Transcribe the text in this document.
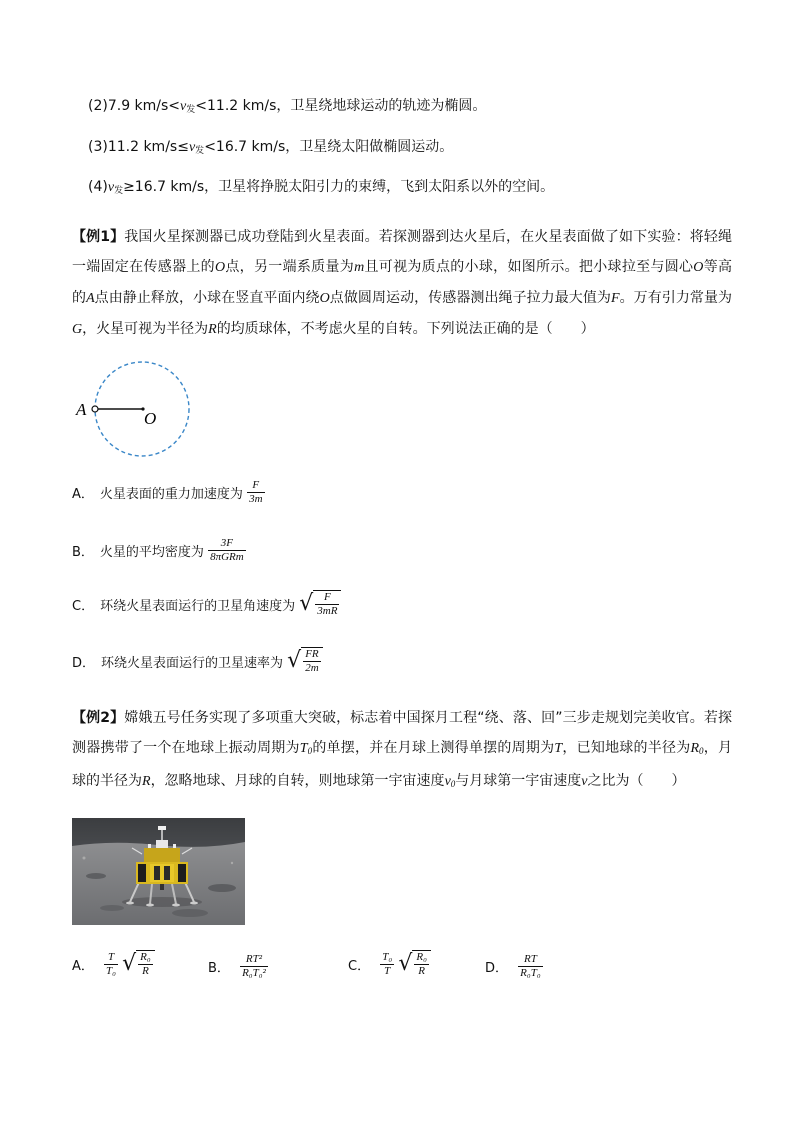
(2)7.9 $km/s<v_发<11.2$ km/s，卫星绕地球运动的轨迹为椭圆。
(3)11.2 $km/s\le v_发<16.7$ km/s，卫星绕太阳做椭圆运动。
$(4)v_发\ge 16.7$ km/s，卫星将挣脱太阳引力的束缚，飞到太阳系以外的空间。
【例1】我国火星探测器已成功登陆到火星表面。若探测器到达火星后，在火星表面做了如下实验：将轻绳一端固定在传感器上的O点，另一端系质量为m且可视为质点的小球，如图所示。把小球拉至与圆心O等高的A点由静止释放，小球在竖直平面内绕O点做圆周运动，传感器测出绳子拉力最大值为F。万有引力常量为G，火星可视为半径为R的均质球体，不考虑火星的自转。下列说法正确的是（　　）
A	O
A． 火星表面的重力加速度为 $\frac{F}{3m}$
B． 火星的平均密度为 $\frac{3F}{\text{8πGRm}}$
C． 环绕火星表面运行的卫星角速度为 √ $\frac{F}{3mR}$
D． 环绕火星表面运行的卫星速率为 √ $\frac{FR}{2m}$
【例2】嫦娥五号任务实现了多项重大突破，标志着中国探月工程“绕、落、回”三步走规划完美收官。若探测器携带了一个在地球上振动周期为$T_0$的单摆，并在月球上测得单摆的周期为T，已知地球的半径为$R_0$，月球的半径为R，忽略地球、月球的自转，则地球第一宇宙速度$v_0$与月球第一宇宙速度v之比为（　　）
A． $\frac{T}{\text{T₀}}$
√ $\frac{\text{R₀}}{R}$	B． $\frac{\text{RT²}}{\text{R₀T₀²}}$	C． $\frac{\text{T₀}}{T}$
√ $\frac{\text{R₀}}{R}$	D． $\frac{RT}{\text{R₀T₀}}$
